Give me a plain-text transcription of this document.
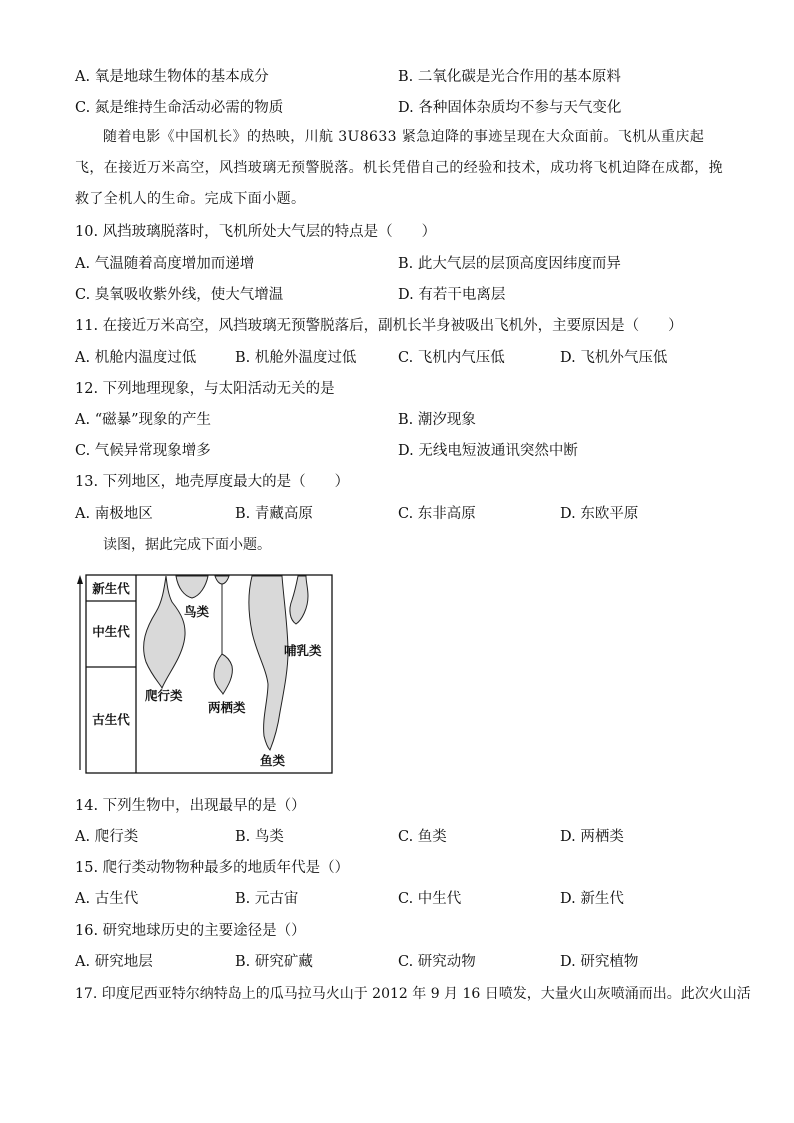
A. 氧是地球生物体的基本成分	B. 二氧化碳是光合作用的基本原料
C. 氮是维持生命活动必需的物质	D. 各种固体杂质均不参与天气变化
随着电影《中国机长》的热映，川航 3U8633 紧急迫降的事迹呈现在大众面前。飞机从重庆起飞，在接近万米高空，风挡玻璃无预警脱落。机长凭借自己的经验和技术，成功将飞机迫降在成都，挽救了全机人的生命。完成下面小题。
10. 风挡玻璃脱落时，飞机所处大气层的特点是（　　）
A. 气温随着高度增加而递增	B. 此大气层的层顶高度因纬度而异
C. 臭氧吸收紫外线，使大气增温	D. 有若干电离层
11. 在接近万米高空，风挡玻璃无预警脱落后，副机长半身被吸出飞机外，主要原因是（　　）
A. 机舱内温度过低	B. 机舱外温度过低	C. 飞机内气压低	D. 飞机外气压低
12. 下列地理现象，与太阳活动无关的是
A. “磁暴”现象的产生	B. 潮汐现象
C. 气候异常现象增多	D. 无线电短波通讯突然中断
13. 下列地区，地壳厚度最大的是（　　）
A. 南极地区	B. 青藏高原	C. 东非高原	D. 东欧平原
读图，据此完成下面小题。
新生代
中生代
古生代
鸟类
哺乳类
爬行类
两栖类
鱼类
14. 下列生物中，出现最早的是（）
A. 爬行类	B. 鸟类	C. 鱼类	D. 两栖类
15. 爬行类动物物种最多的地质年代是（）
A. 古生代	B. 元古宙	C. 中生代	D. 新生代
16. 研究地球历史的主要途径是（）
A. 研究地层	B. 研究矿藏	C. 研究动物	D. 研究植物
17. 印度尼西亚特尔纳特岛上的瓜马拉马火山于 2012 年 9 月 16 日喷发，大量火山灰喷涌而出。此次火山活
